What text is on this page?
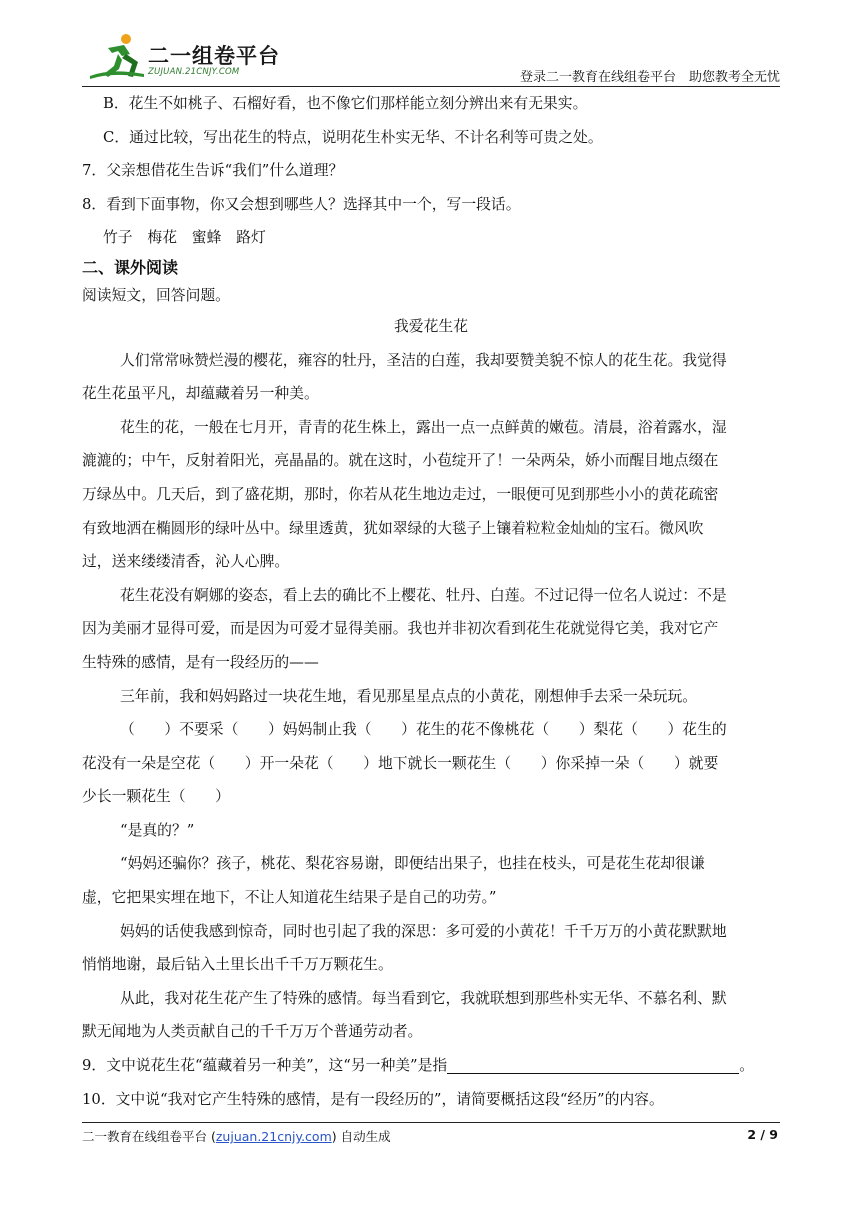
二一组卷平台
ZUJUAN.21CNJY.COM	登录二一教育在线组卷平台　助您教考全无忧
B．花生不如桃子、石榴好看，也不像它们那样能立刻分辨出来有无果实。
C．通过比较，写出花生的特点，说明花生朴实无华、不计名利等可贵之处。
7．父亲想借花生告诉“我们”什么道理？
8．看到下面事物，你又会想到哪些人？选择其中一个，写一段话。
竹子　梅花　蜜蜂　路灯
二、课外阅读
阅读短文，回答问题。
我爱花生花
人们常常咏赞烂漫的樱花，雍容的牡丹，圣洁的白莲，我却要赞美貌不惊人的花生花。我觉得
花生花虽平凡，却蕴藏着另一种美。
花生的花，一般在七月开，青青的花生株上，露出一点一点鲜黄的嫩苞。清晨，浴着露水，湿
漉漉的；中午，反射着阳光，亮晶晶的。就在这时，小苞绽开了！一朵两朵，娇小而醒目地点缀在
万绿丛中。几天后，到了盛花期，那时，你若从花生地边走过，一眼便可见到那些小小的黄花疏密
有致地洒在椭圆形的绿叶丛中。绿里透黄，犹如翠绿的大毯子上镶着粒粒金灿灿的宝石。微风吹
过，送来缕缕清香，沁人心脾。
花生花没有婀娜的姿态，看上去的确比不上樱花、牡丹、白莲。不过记得一位名人说过：不是
因为美丽才显得可爱，而是因为可爱才显得美丽。我也并非初次看到花生花就觉得它美，我对它产
生特殊的感情，是有一段经历的——
三年前，我和妈妈路过一块花生地，看见那星星点点的小黄花，刚想伸手去采一朵玩玩。
（　　）不要采（　　）妈妈制止我（　　）花生的花不像桃花（　　）梨花（　　）花生的
花没有一朵是空花（　　）开一朵花（　　）地下就长一颗花生（　　）你采掉一朵（　　）就要
少长一颗花生（　　）
“是真的？”
“妈妈还骗你？孩子，桃花、梨花容易谢，即便结出果子，也挂在枝头，可是花生花却很谦
虚，它把果实埋在地下，不让人知道花生结果子是自己的功劳。”
妈妈的话使我感到惊奇，同时也引起了我的深思：多可爱的小黄花！千千万万的小黄花默默地
悄悄地谢，最后钻入土里长出千千万万颗花生。
从此，我对花生花产生了特殊的感情。每当看到它，我就联想到那些朴实无华、不慕名利、默
默无闻地为人类贡献自己的千千万万个普通劳动者。
9．文中说花生花“蕴藏着另一种美”，这“另一种美”是指	。
10．文中说“我对它产生特殊的感情，是有一段经历的”，请简要概括这段“经历”的内容。
二一教育在线组卷平台 (zujuan.21cnjy.com) 自动生成	2 / 9
